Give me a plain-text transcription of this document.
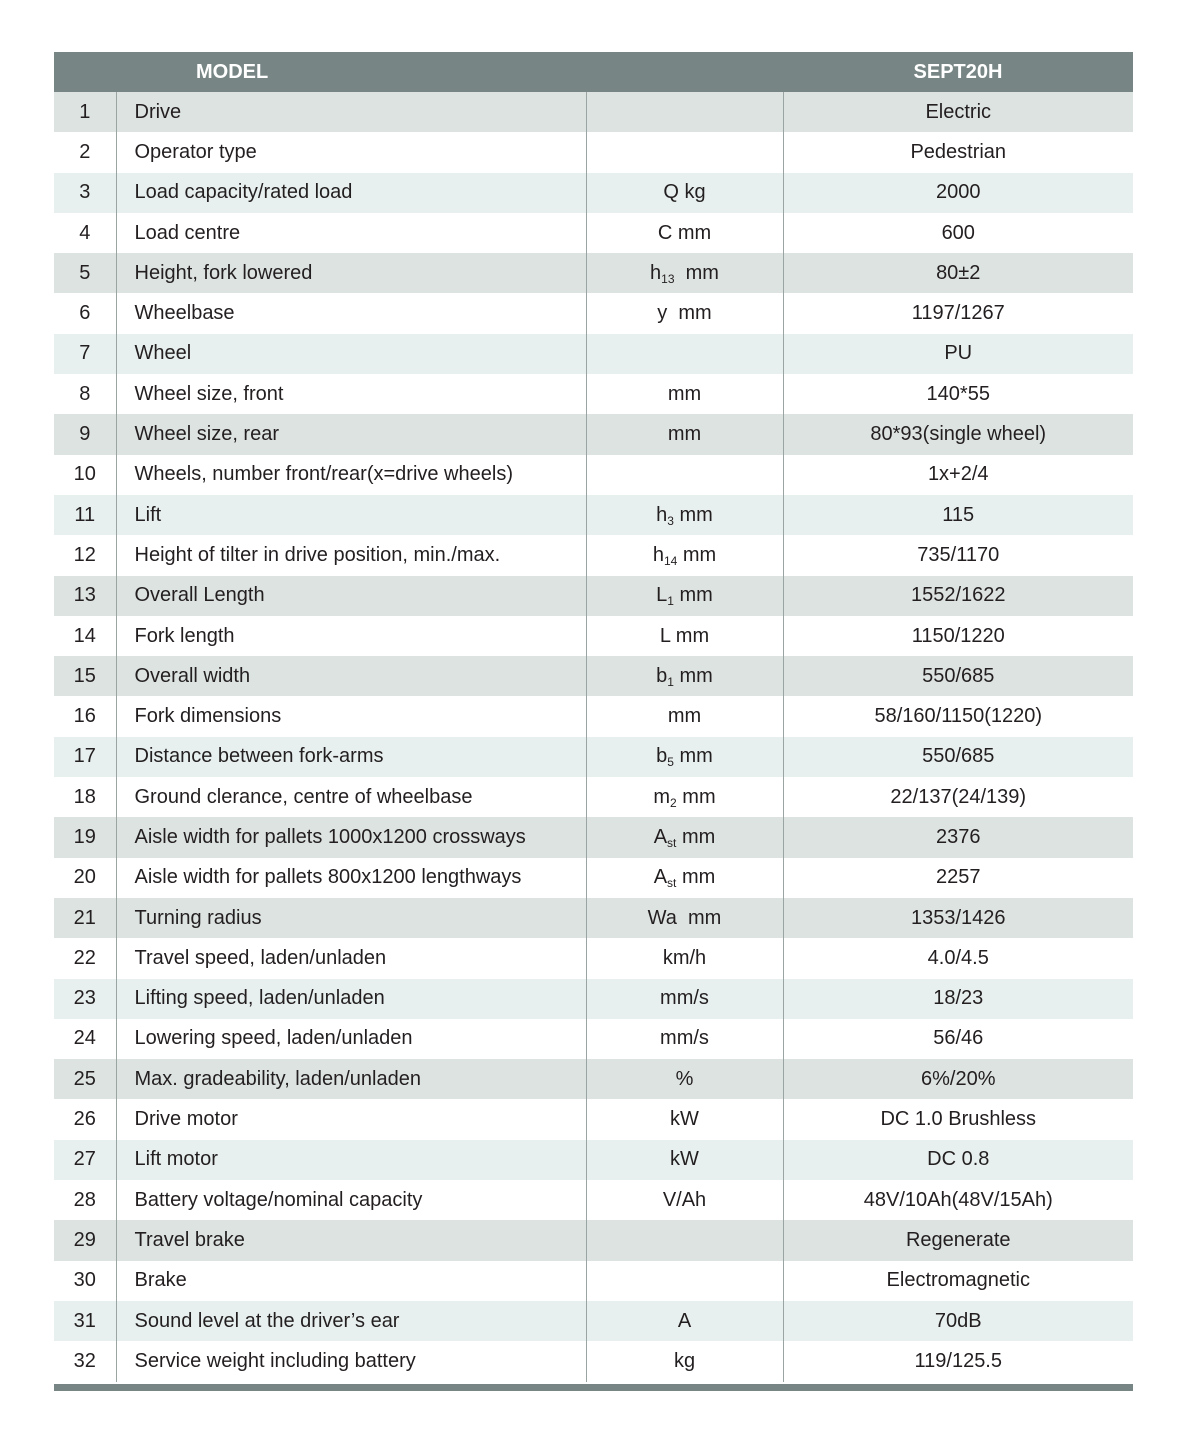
	MODEL		SEPT20H
1	Drive		Electric
2	Operator type		Pedestrian
3	Load capacity/rated load	Q kg	2000
4	Load centre	C mm	600
5	Height, fork lowered	$h_{13}$  mm	80±2
6	Wheelbase	y  mm	1197/1267
7	Wheel		PU
8	Wheel size, front	mm	140*55
9	Wheel size, rear	mm	80*93(single wheel)
10	Wheels, number front/rear(x=drive wheels)		1x+2/4
11	Lift	$h_3$ mm	115
12	Height of tilter in drive position, min./max.	$h_{14}$ mm	735/1170
13	Overall Length	$L_1$ mm	1552/1622
14	Fork length	L mm	1150/1220
15	Overall width	$b_1$ mm	550/685
16	Fork dimensions	mm	58/160/1150(1220)
17	Distance between fork-arms	$b_5$ mm	550/685
18	Ground clerance, centre of wheelbase	$m_2$ mm	22/137(24/139)
19	Aisle width for pallets 1000x1200 crossways	$A_{st}$ mm	2376
20	Aisle width for pallets 800x1200 lengthways	$A_{st}$ mm	2257
21	Turning radius	Wa  mm	1353/1426
22	Travel speed, laden/unladen	km/h	4.0/4.5
23	Lifting speed, laden/unladen	mm/s	18/23
24	Lowering speed, laden/unladen	mm/s	56/46
25	Max. gradeability, laden/unladen	%	6%/20%
26	Drive motor	kW	DC 1.0 Brushless
27	Lift motor	kW	DC 0.8
28	Battery voltage/nominal capacity	V/Ah	48V/10Ah(48V/15Ah)
29	Travel brake		Regenerate
30	Brake		Electromagnetic
31	Sound level at the driver’s ear	A	70dB
32	Service weight including battery	kg	119/125.5
